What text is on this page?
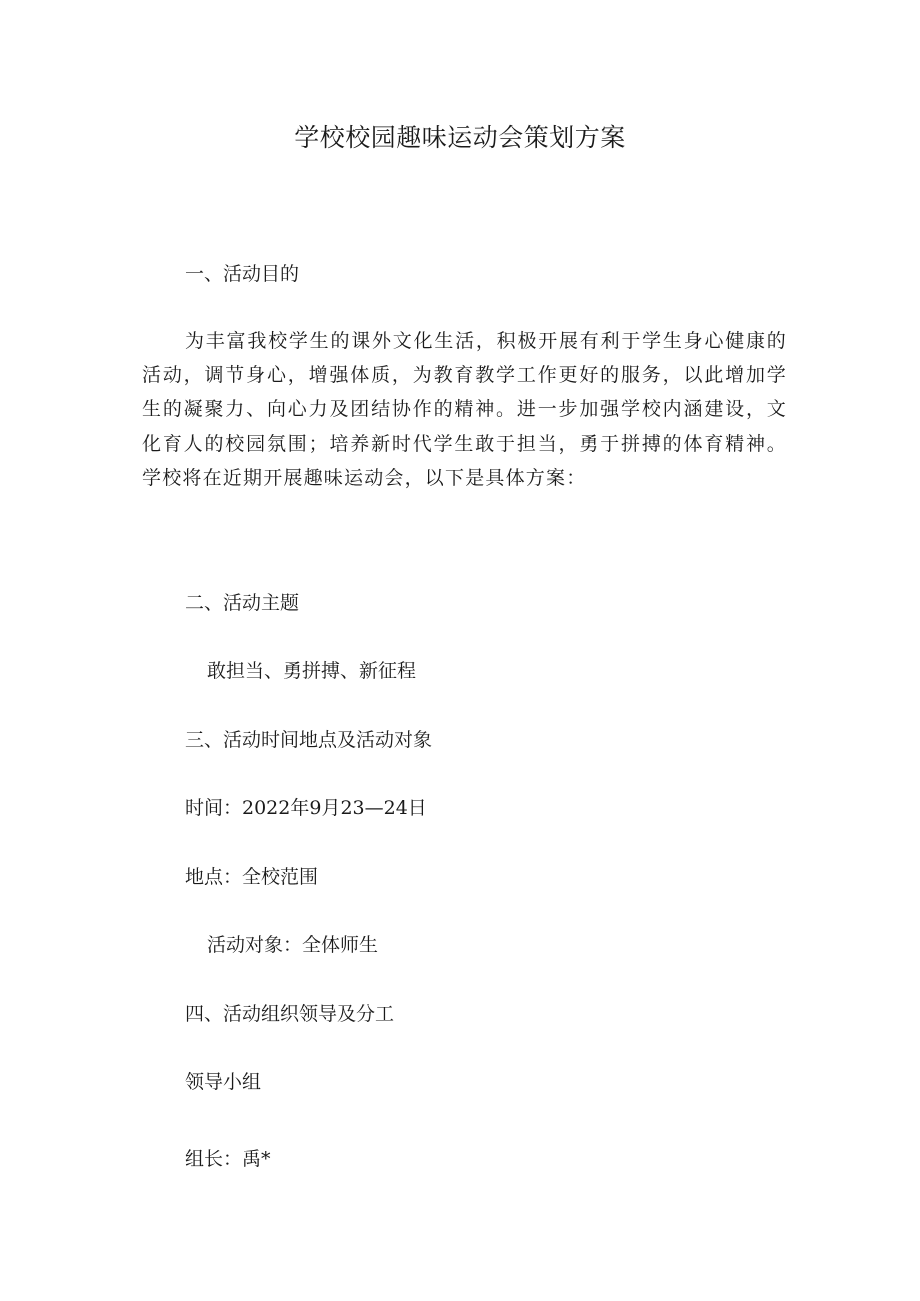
学校校园趣味运动会策划方案

一、活动目的

为丰富我校学生的课外文化生活，积极开展有利于学生身心健康的活动，调节身心，增强体质，为教育教学工作更好的服务，以此增加学生的凝聚力、向心力及团结协作的精神。进一步加强学校内涵建设，文化育人的校园氛围；培养新时代学生敢于担当，勇于拼搏的体育精神。学校将在近期开展趣味运动会，以下是具体方案：

二、活动主题

敢担当、勇拼搏、新征程

三、活动时间地点及活动对象

时间：2022年9月23—24日

地点：全校范围

活动对象：全体师生

四、活动组织领导及分工

领导小组

组长：禹*
